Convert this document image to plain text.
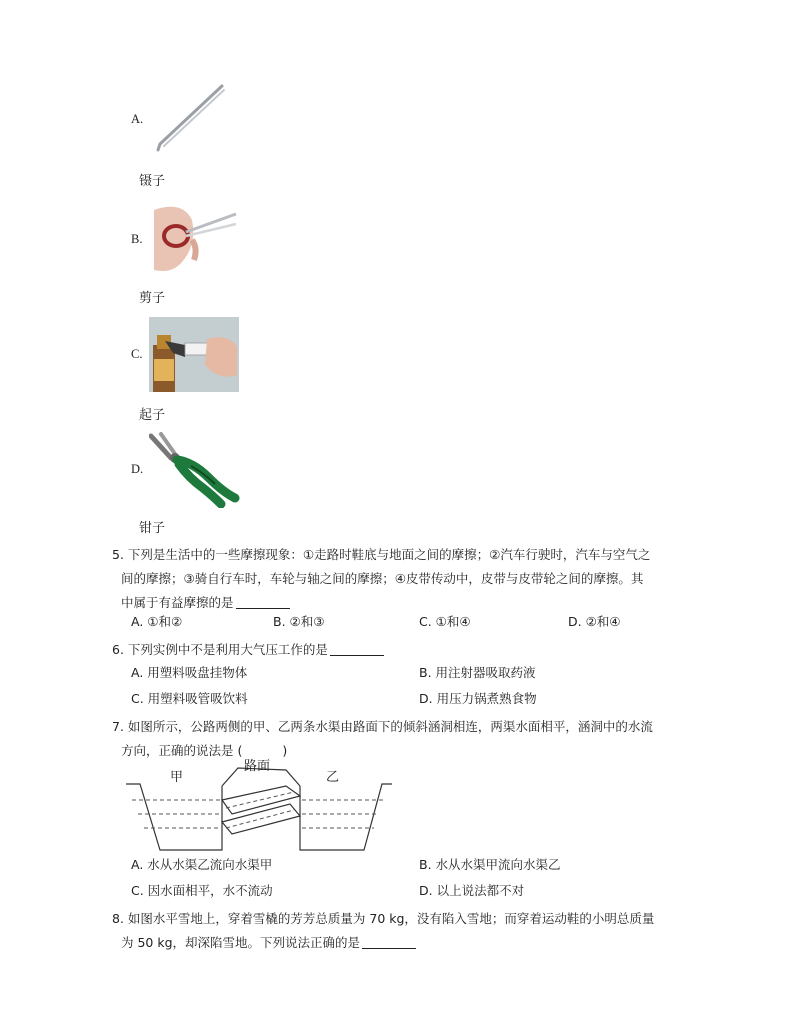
A.
镊子
B.
剪子
C.
起子
D.
钳子
5. 下列是生活中的一些摩擦现象：①走路时鞋底与地面之间的摩擦；②汽车行驶时，汽车与空气之
间的摩擦；③骑自行车时，车轮与轴之间的摩擦；④皮带传动中，皮带与皮带轮之间的摩擦。其
中属于有益摩擦的是
A. ①和②	B. ②和③	C. ①和④	D. ②和④
6. 下列实例中不是利用大气压工作的是
A. 用塑料吸盘挂物体	B. 用注射器吸取药液
C. 用塑料吸管吸饮料	D. 用压力锅煮熟食物
7. 如图所示，公路两侧的甲、乙两条水渠由路面下的倾斜涵洞相连，两渠水面相平，涵洞中的水流
方向，正确的说法是 (	)
甲
路面
乙
A. 水从水渠乙流向水渠甲	B. 水从水渠甲流向水渠乙
C. 因水面相平，水不流动	D. 以上说法都不对
8. 如图水平雪地上，穿着雪橇的芳芳总质量为 70 kg，没有陷入雪地；而穿着运动鞋的小明总质量
为 50 kg，却深陷雪地。下列说法正确的是
